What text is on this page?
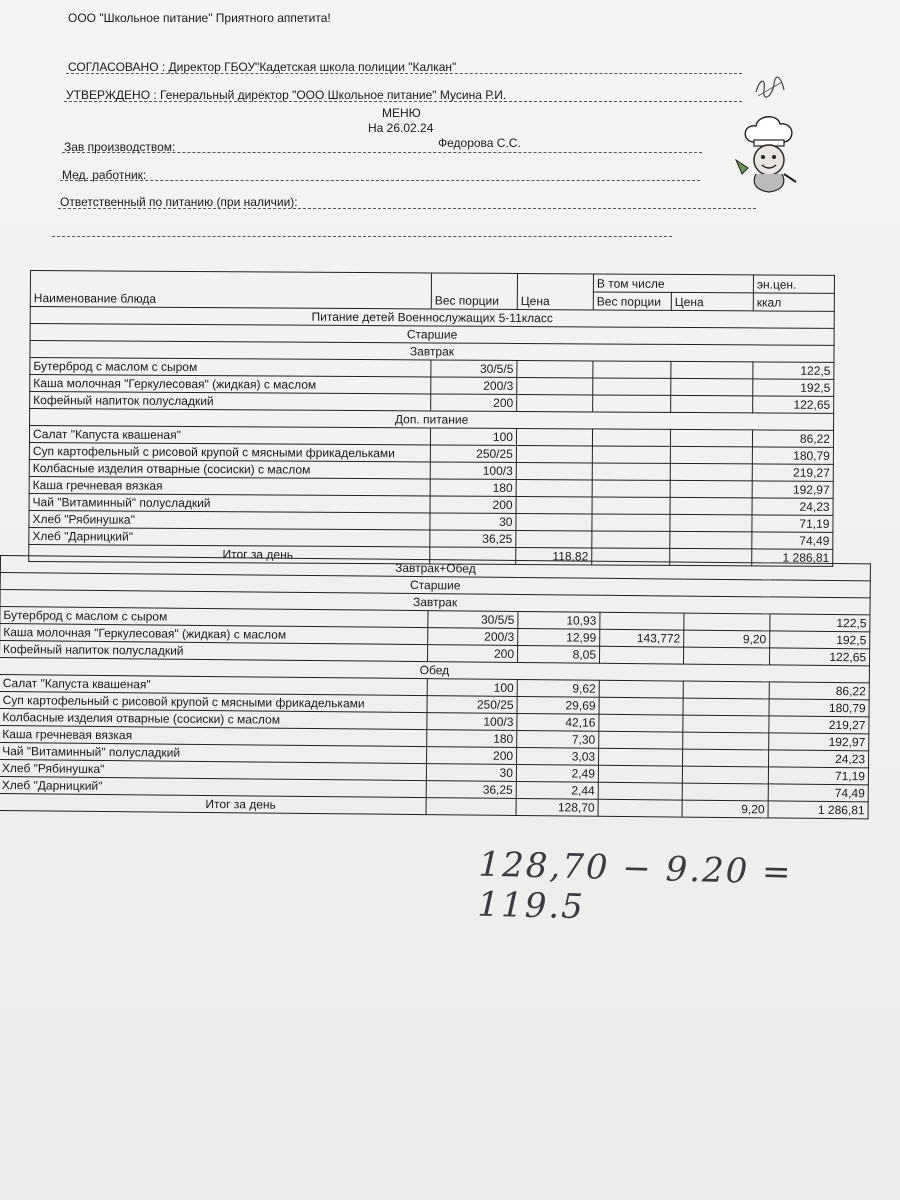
ООО "Школьное питание" Приятного аппетита!
СОГЛАСОВАНО : Директор ГБОУ"Кадетская школа полиции "Калкан"
УТВЕРЖДЕНО : Генеральный директор "ООО Школьное питание" Мусина Р.И.
МЕНЮ
На 26.02.24
Зав производством:	Федорова С.С.
Мед. работник:
Ответственный по питанию (при наличии):
Наименование блюда	Вес порции	Цена	В том числе		эн.цен.
			Вес порции	Цена	ккал
Питание детей Военнослужащих 5-11класс					
Старшие					
Завтрак					
Бутерброд с маслом с сыром	30/5/5				122,5
Каша молочная "Геркулесовая" (жидкая) с маслом	200/3				192,5
Кофейный напиток полусладкий	200				122,65
Доп. питание					
Салат "Капуста квашеная"	100				86,22
Суп картофельный с рисовой крупой с мясными фрикадельками	250/25				180,79
Колбасные изделия отварные (сосиски) с маслом	100/3				219,27
Каша гречневая вязкая	180				192,97
Чай "Витаминный" полусладкий	200				24,23
Хлеб "Рябинушка"	30				71,19
Хлеб "Дарницкий"	36,25				74,49
Итог за день		118,82			1 286,81
Завтрак+Обед					
Старшие					
Завтрак					
Бутерброд с маслом с сыром	30/5/5	10,93			122,5
Каша молочная "Геркулесовая" (жидкая) с маслом	200/3	12,99	143,772	9,20	192,5
Кофейный напиток полусладкий	200	8,05			122,65
Обед					
Салат "Капуста квашеная"	100	9,62			86,22
Суп картофельный с рисовой крупой с мясными фрикадельками	250/25	29,69			180,79
Колбасные изделия отварные (сосиски) с маслом	100/3	42,16			219,27
Каша гречневая вязкая	180	7,30			192,97
Чай "Витаминный" полусладкий	200	3,03			24,23
Хлеб "Рябинушка"	30	2,49			71,19
Хлеб "Дарницкий"	36,25	2,44			74,49
Итог за день		128,70		9,20	1 286,81
128,70 − 9.20 = 119.5
